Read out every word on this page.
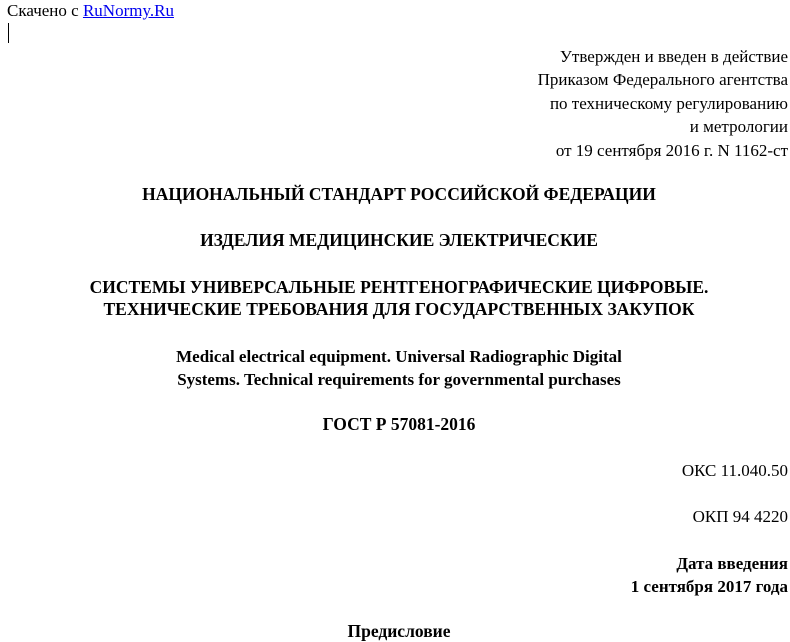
Скачено с RuNormy.Ru
Утвержден и введен в действие
Приказом Федерального агентства
по техническому регулированию
и метрологии
от 19 сентября 2016 г. N 1162-ст
НАЦИОНАЛЬНЫЙ СТАНДАРТ РОССИЙСКОЙ ФЕДЕРАЦИИ
ИЗДЕЛИЯ МЕДИЦИНСКИЕ ЭЛЕКТРИЧЕСКИЕ
СИСТЕМЫ УНИВЕРСАЛЬНЫЕ РЕНТГЕНОГРАФИЧЕСКИЕ ЦИФРОВЫЕ.
ТЕХНИЧЕСКИЕ ТРЕБОВАНИЯ ДЛЯ ГОСУДАРСТВЕННЫХ ЗАКУПОК
Medical electrical equipment. Universal Radiographic Digital
Systems. Technical requirements for governmental purchases
ГОСТ Р 57081-2016
ОКС 11.040.50
ОКП 94 4220
Дата введения
1 сентября 2017 года
Предисловие
